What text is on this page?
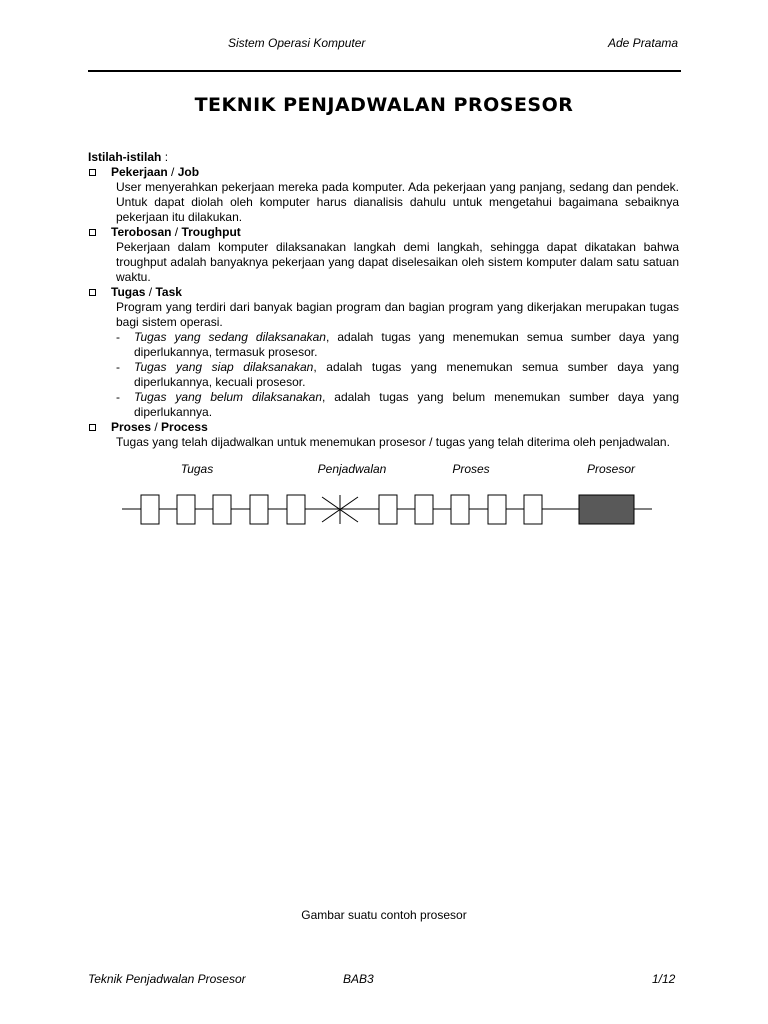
Sistem Operasi Komputer	Ade Pratama
TEKNIK PENJADWALAN PROSESOR
Istilah-istilah :
Pekerjaan / Job
User menyerahkan pekerjaan mereka pada komputer. Ada pekerjaan yang panjang, sedang dan pendek. Untuk dapat diolah oleh komputer harus dianalisis dahulu untuk mengetahui bagaimana sebaiknya pekerjaan itu dilakukan.
Terobosan / Troughput
Pekerjaan dalam komputer dilaksanakan langkah demi langkah, sehingga dapat dikatakan bahwa troughput adalah banyaknya pekerjaan yang dapat diselesaikan oleh sistem komputer dalam satu satuan waktu.
Tugas / Task
Program yang terdiri dari banyak bagian program dan bagian program yang dikerjakan merupakan tugas bagi sistem operasi.
- Tugas yang sedang dilaksanakan, adalah tugas yang menemukan semua sumber daya yang diperlukannya, termasuk prosesor.
- Tugas yang siap dilaksanakan, adalah tugas yang menemukan semua sumber daya yang diperlukannya, kecuali prosesor.
- Tugas yang belum dilaksanakan, adalah tugas yang belum menemukan sumber daya yang diperlukannya.
Proses / Process
Tugas yang telah dijadwalkan untuk menemukan prosesor / tugas yang telah diterima oleh penjadwalan.
Tugas	Penjadwalan	Proses	Prosesor
Gambar suatu contoh prosesor
Teknik Penjadwalan Prosesor	BAB3	1/12
